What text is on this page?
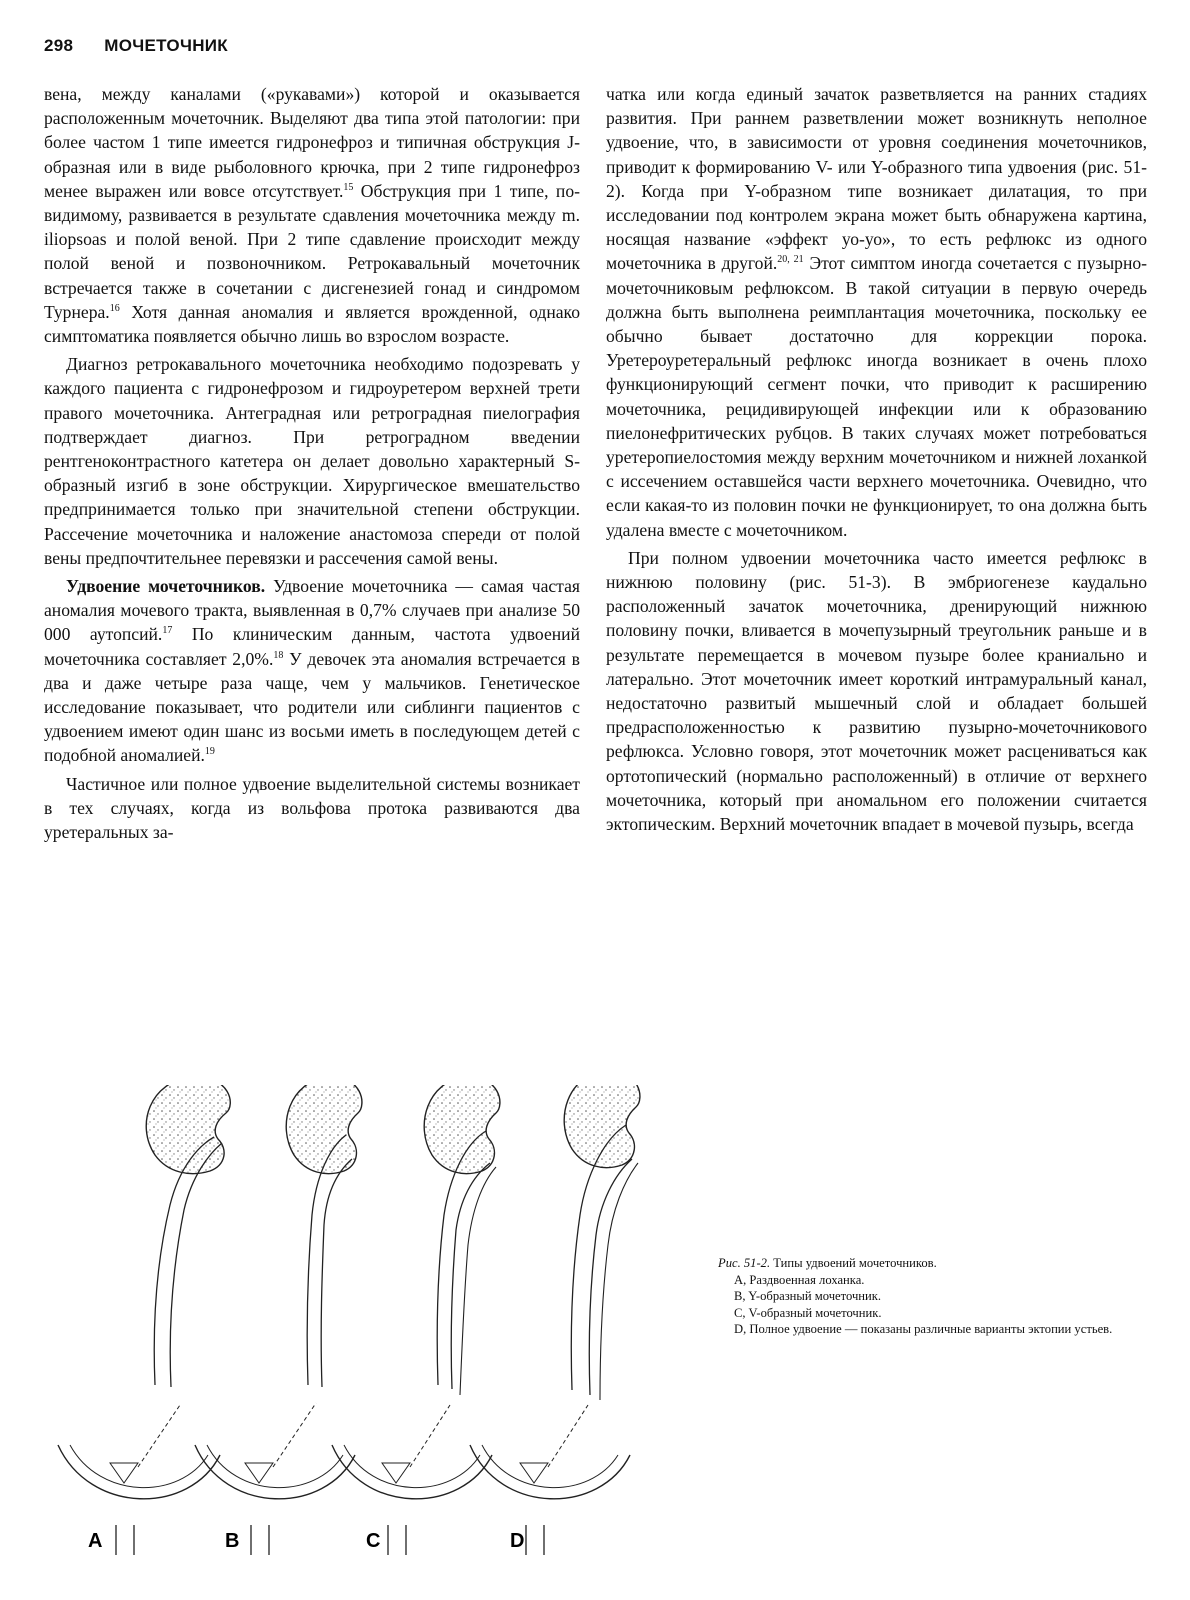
298 МОЧЕТОЧНИК

вена, между каналами («рукавами») которой и оказывается расположенным мочеточник. Выделяют два типа этой патологии: при более частом 1 типе имеется гидронефроз и типичная обструкция J-образная или в виде рыболовного крючка, при 2 типе гидронефроз менее выражен или вовсе отсутствует.$^{15}$ Обструкция при 1 типе, по-видимому, развивается в результате сдавления мочеточника между m. iliopsoas и полой веной. При 2 типе сдавление происходит между полой веной и позвоночником. Ретрокавальный мочеточник встречается также в сочетании с дисгенезией гонад и синдромом Турнера.$^{16}$ Хотя данная аномалия и является врожденной, однако симптоматика появляется обычно лишь во взрослом возрасте.

Диагноз ретрокавального мочеточника необходимо подозревать у каждого пациента с гидронефрозом и гидроуретером верхней трети правого мочеточника. Антеградная или ретроградная пиелография подтверждает диагноз. При ретроградном введении рентгеноконтрастного катетера он делает довольно характерный S-образный изгиб в зоне обструкции. Хирургическое вмешательство предпринимается только при значительной степени обструкции. Рассечение мочеточника и наложение анастомоза спереди от полой вены предпочтительнее перевязки и рассечения самой вены.

Удвоение мочеточников. Удвоение мочеточника — самая частая аномалия мочевого тракта, выявленная в 0,7% случаев при анализе 50 000 аутопсий.$^{17}$ По клиническим данным, частота удвоений мочеточника составляет 2,0%.$^{18}$ У девочек эта аномалия встречается в два и даже четыре раза чаще, чем у мальчиков. Генетическое исследование показывает, что родители или сиблинги пациентов с удвоением имеют один шанс из восьми иметь в последующем детей с подобной аномалией.$^{19}$

Частичное или полное удвоение выделительной системы возникает в тех случаях, когда из вольфова протока развиваются два уретеральных за-

чатка или когда единый зачаток разветвляется на ранних стадиях развития. При раннем разветвлении может возникнуть неполное удвоение, что, в зависимости от уровня соединения мочеточников, приводит к формированию V- или Y-образного типа удвоения (рис. 51-2). Когда при Y-образном типе возникает дилатация, то при исследовании под контролем экрана может быть обнаружена картина, носящая название «эффект уо-уо», то есть рефлюкс из одного мочеточника в другой.$^{20, 21}$ Этот симптом иногда сочетается с пузырно-мочеточниковым рефлюксом. В такой ситуации в первую очередь должна быть выполнена реимплантация мочеточника, поскольку ее обычно бывает достаточно для коррекции порока. Уретероуретеральный рефлюкс иногда возникает в очень плохо функционирующий сегмент почки, что приводит к расширению мочеточника, рецидивирующей инфекции или к образованию пиелонефритических рубцов. В таких случаях может потребоваться уретеропиелостомия между верхним мочеточником и нижней лоханкой с иссечением оставшейся части верхнего мочеточника. Очевидно, что если какая-то из половин почки не функционирует, то она должна быть удалена вместе с мочеточником.

При полном удвоении мочеточника часто имеется рефлюкс в нижнюю половину (рис. 51-3). В эмбриогенезе каудально расположенный зачаток мочеточника, дренирующий нижнюю половину почки, вливается в мочепузырный треугольник раньше и в результате перемещается в мочевом пузыре более краниально и латерально. Этот мочеточник имеет короткий интрамуральный канал, недостаточно развитый мышечный слой и обладает большей предрасположенностью к развитию пузырно-мочеточникового рефлюкса. Условно говоря, этот мочеточник может расцениваться как ортотопический (нормально расположенный) в отличие от верхнего мочеточника, который при аномальном его положении считается эктопическим. Верхний мочеточник впадает в мочевой пузырь, всегда

A	B	C	D

Рис. 51-2. Типы удвоений мочеточников.

A, Раздвоенная лоханка.

B, Y-образный мочеточник.

C, V-образный мочеточник.

D, Полное удвоение — показаны различные варианты эктопии устьев.
